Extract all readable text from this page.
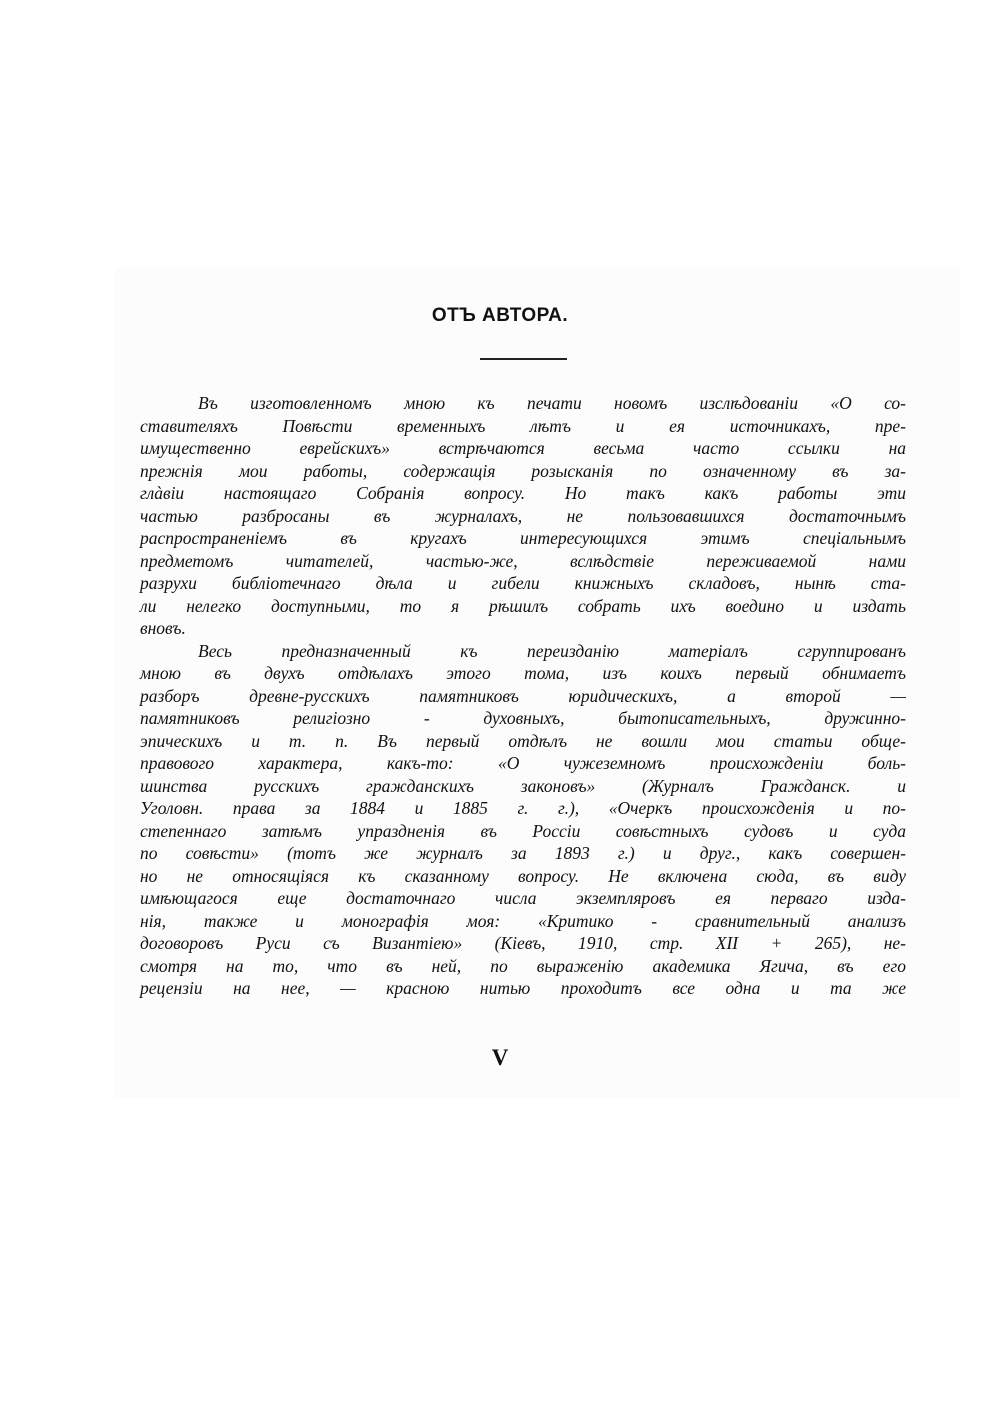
ОТЪ АВТОРА.
Въ изготовленномъ мною къ печати новомъ изслѣдованіи «О со-
ставителяхъ Повѣсти временныхъ лѣтъ и ея источникахъ, пре-
имущественно еврейскихъ» встрѣчаются весьма часто ссылки на
прежнія мои работы, содержащія розысканія по означенному въ за-
глàвіи настоящаго Собранія вопросу. Но такъ какъ работы эти
частью разбросаны въ журналахъ, не пользовавшихся достаточнымъ
распространеніемъ въ кругахъ интересующихся этимъ спеціальнымъ
предметомъ читателей, частью-же, вслѣдствіе переживаемой нами
разрухи библіотечнаго дѣла и гибели книжныхъ складовъ, нынѣ ста-
ли нелегко доступными, то я рѣшилъ собрать ихъ воедино и издать
вновъ.
Весь предназначенный къ переизданію матеріалъ сгруппированъ
мною въ двухъ отдѣлахъ этого тома, изъ коихъ первый обнимаетъ
разборъ древне-русскихъ памятниковъ юридическихъ, а второй —
памятниковъ религіозно - духовныхъ, бытописательныхъ, дружинно-
эпическихъ и т. п. Въ первый отдѣлъ не вошли мои статьи обще-
правового характера, какъ-то: «О чужеземномъ происхожденіи боль-
шинства русскихъ гражданскихъ законовъ» (Журналъ Гражданск. и
Уголовн. права за 1884 и 1885 г. г.), «Очеркъ происхожденія и по-
степеннаго затѣмъ упраздненія въ Россіи совѣстныхъ судовъ и суда
по совѣсти» (тотъ же журналъ за 1893 г.) и друг., какъ совершен-
но не относящіяся къ сказанному вопросу. Не включена сюда, въ виду
имѣющагося еще достаточнаго числа экземпляровъ ея перваго изда-
нія, также и монографія моя: «Критико - сравнительный анализъ
договоровъ Руси съ Византіею» (Кіевъ, 1910, стр. XII + 265), не-
смотря на то, что въ ней, по выраженію академика Ягича, въ его
рецензіи на нее, — красною нитью проходитъ все одна и та же
V
